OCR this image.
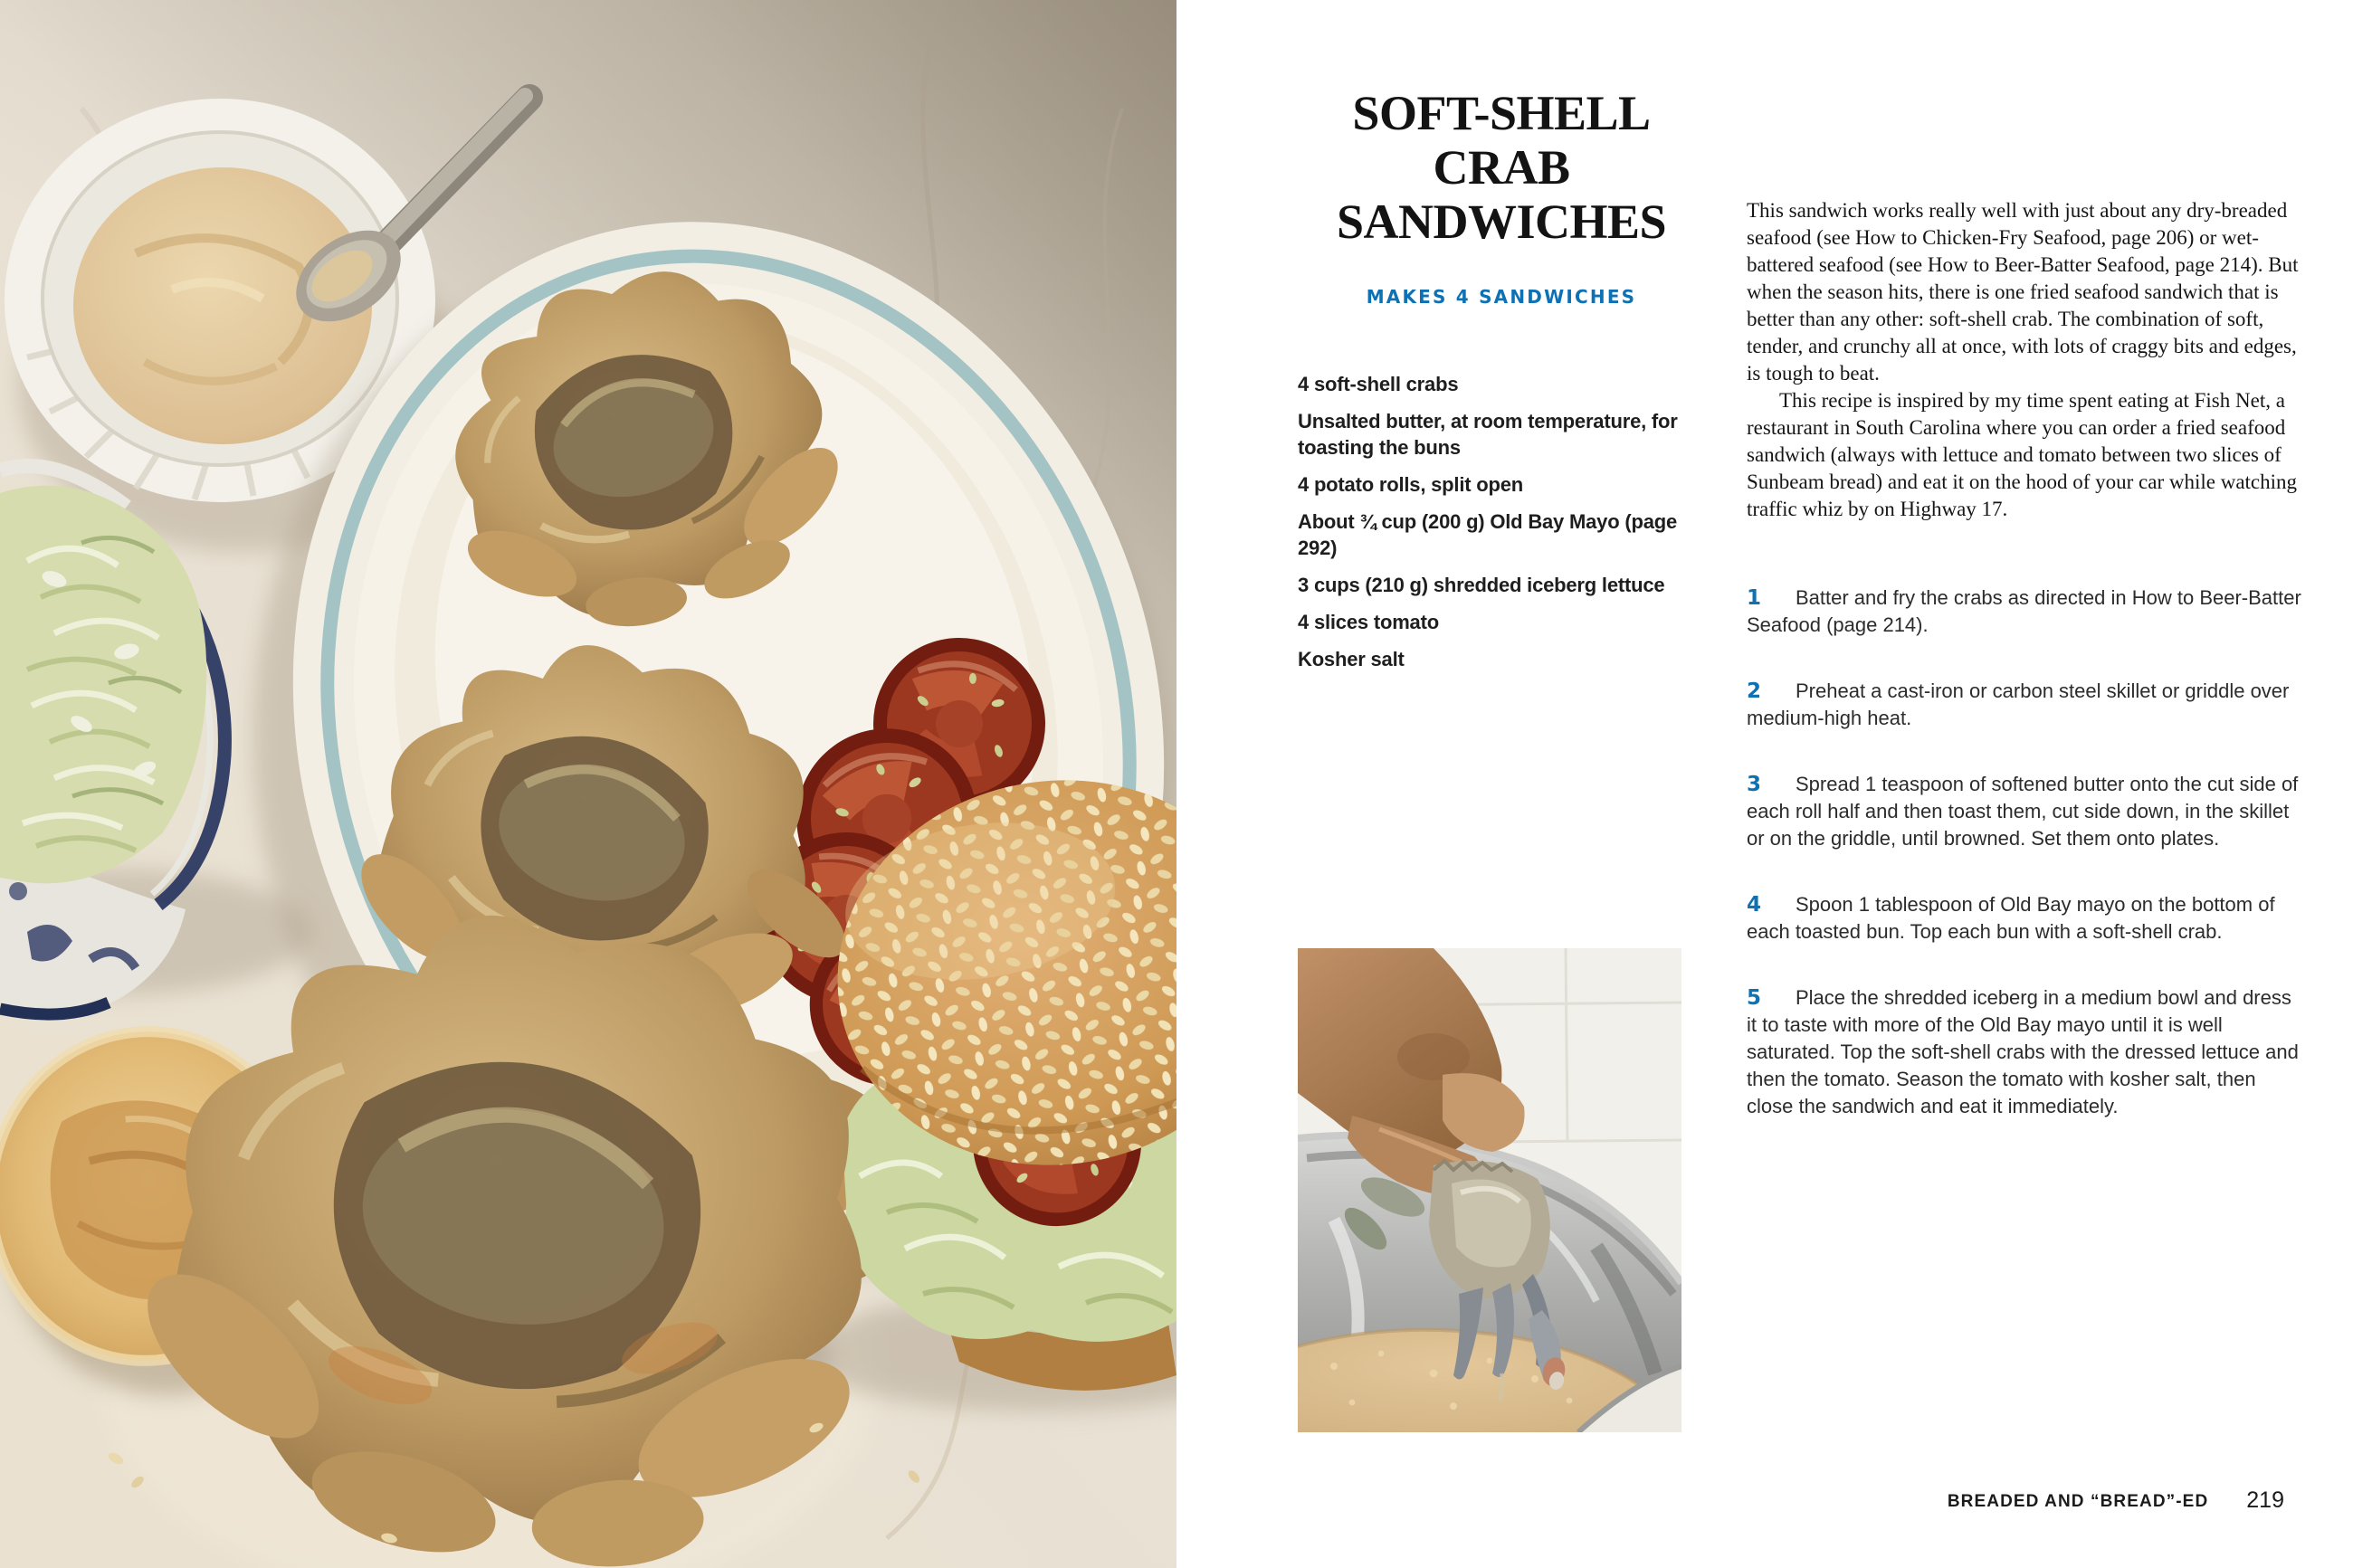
SOFT-SHELL
CRAB
SANDWICHES

MAKES 4 SANDWICHES

4 soft-shell crabs
Unsalted butter, at room temperature, for toasting the buns
4 potato rolls, split open
About ¾ cup (200 g) Old Bay Mayo (page 292)
3 cups (210 g) shredded iceberg lettuce
4 slices tomato
Kosher salt

This sandwich works really well with just about any dry-breaded seafood (see How to Chicken-Fry Seafood, page 206) or wet-battered seafood (see How to Beer-Batter Seafood, page 214). But when the season hits, there is one fried seafood sandwich that is better than any other: soft-shell crab. The combination of soft, tender, and crunchy all at once, with lots of craggy bits and edges, is tough to beat.

This recipe is inspired by my time spent eating at Fish Net, a restaurant in South Carolina where you can order a fried seafood sandwich (always with lettuce and tomato between two slices of Sunbeam bread) and eat it on the hood of your car while watching traffic whiz by on Highway 17.

1 Batter and fry the crabs as directed in How to Beer-Batter Seafood (page 214).

2 Preheat a cast-iron or carbon steel skillet or griddle over medium-high heat.

3 Spread 1 teaspoon of softened butter onto the cut side of each roll half and then toast them, cut side down, in the skillet or on the griddle, until browned. Set them onto plates.

4 Spoon 1 tablespoon of Old Bay mayo on the bottom of each toasted bun. Top each bun with a soft-shell crab.

5 Place the shredded iceberg in a medium bowl and dress it to taste with more of the Old Bay mayo until it is well saturated. Top the soft-shell crabs with the dressed lettuce and then the tomato. Season the tomato with kosher salt, then close the sandwich and eat it immediately.

BREADED AND “BREAD”-ED 219
